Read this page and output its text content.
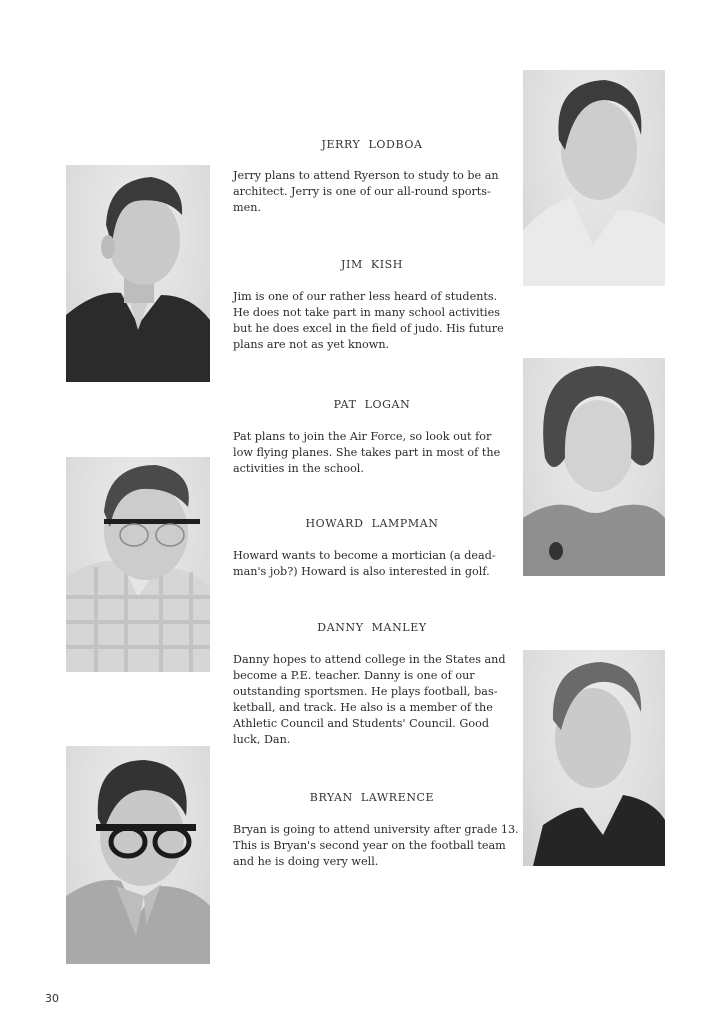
JERRY LODBOA
Jerry plans to attend Ryerson to study to be an
architect. Jerry is one of our all-round sports-
men.
JIM KISH
Jim is one of our rather less heard of students.
He does not take part in many school activities
but he does excel in the field of judo. His future
plans are not as yet known.
PAT LOGAN
Pat plans to join the Air Force, so look out for
low flying planes. She takes part in most of the
activities in the school.
HOWARD LAMPMAN
Howard wants to become a mortician (a dead-
man's job?) Howard is also interested in golf.
DANNY MANLEY
Danny hopes to attend college in the States and
become a P.E. teacher. Danny is one of our
outstanding sportsmen. He plays football, bas-
ketball, and track. He also is a member of the
Athletic Council and Students' Council. Good
luck, Dan.
BRYAN LAWRENCE
Bryan is going to attend university after grade 13.
This is Bryan's second year on the football team
and he is doing very well.
30
